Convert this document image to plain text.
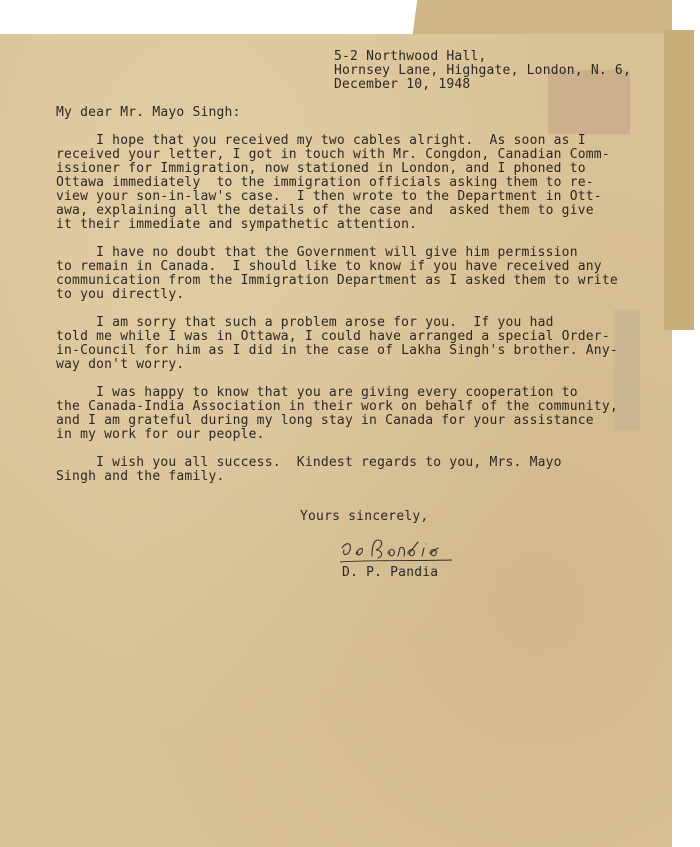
5-2 Northwood Hall,
Hornsey Lane, Highgate, London, N. 6,
December 10, 1948
My dear Mr. Mayo Singh:
I hope that you received my two cables alright.  As soon as I
received your letter, I got in touch with Mr. Congdon, Canadian Comm-
issioner for Immigration, now stationed in London, and I phoned to
Ottawa immediately  to the immigration officials asking them to re-
view your son-in-law's case.  I then wrote to the Department in Ott-
awa, explaining all the details of the case and  asked them to give
it their immediate and sympathetic attention.
I have no doubt that the Government will give him permission
to remain in Canada.  I should like to know if you have received any
communication from the Immigration Department as I asked them to write
to you directly.
I am sorry that such a problem arose for you.  If you had
told me while I was in Ottawa, I could have arranged a special Order-
in-Council for him as I did in the case of Lakha Singh's brother. Any-
way don't worry.
I was happy to know that you are giving every cooperation to
the Canada-India Association in their work on behalf of the community,
and I am grateful during my long stay in Canada for your assistance
in my work for our people.
I wish you all success.  Kindest regards to you, Mrs. Mayo
Singh and the family.
Yours sincerely,
D. P. Pandia
